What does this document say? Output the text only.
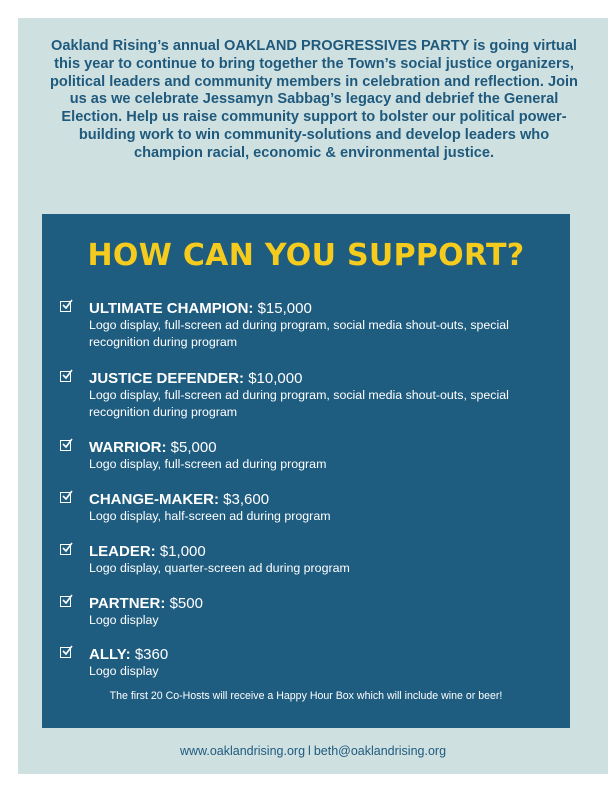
Oakland Rising’s annual OAKLAND PROGRESSIVES PARTY is going virtual this year to continue to bring together the Town’s social justice organizers, political leaders and community members in celebration and reflection. Join us as we celebrate Jessamyn Sabbag’s legacy and debrief the General Election. Help us raise community support to bolster our political power-building work to win community-solutions and develop leaders who champion racial, economic & environmental justice.
HOW CAN YOU SUPPORT?
ULTIMATE CHAMPION: $15,000
Logo display, full-screen ad during program, social media shout-outs, special recognition during program
JUSTICE DEFENDER: $10,000
Logo display, full-screen ad during program, social media shout-outs, special recognition during program
WARRIOR: $5,000
Logo display, full-screen ad during program
CHANGE-MAKER: $3,600
Logo display, half-screen ad during program
LEADER: $1,000
Logo display, quarter-screen ad during program
PARTNER: $500
Logo display
ALLY: $360
Logo display
The first 20 Co-Hosts will receive a Happy Hour Box which will include wine or beer!
www.oaklandrising.org l beth@oaklandrising.org
